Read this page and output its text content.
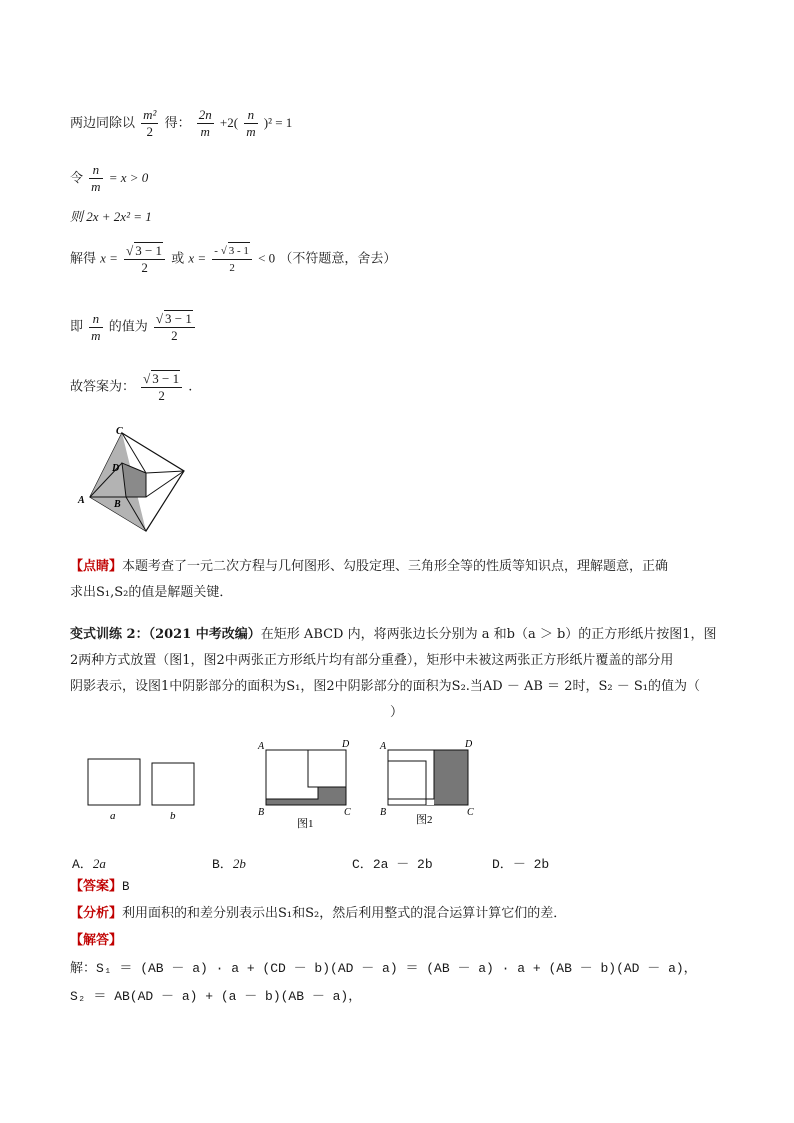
两边同除以 $\frac{\text{m²}}{2}$ 得： $\frac{2n}{m} +2( \frac{n}{m} )^2 = 1$
令 $\frac{n}{m} = x > 0$
则 2x + 2x² = 1
解得 $x = \frac{√ 3 - 1}{2}$ 或 $x = \frac{- √ 3 - 1}{2} < 0$ （不符题意，舍去）
即 $\frac{n}{m}$ 的值为 $\frac{√ 3 - 1}{2}$
故答案为： $\frac{√ 3 - 1}{2}$ .
C
D
A	B
【点睛】本题考查了一元二次方程与几何图形、勾股定理、三角形全等的性质等知识点，理解题意，正确
求出S₁,S₂的值是解题关键．
变式训练 2：（2021 中考改编）在矩形 ABCD 内，将两张边长分别为 a 和b（a ＞ b）的正方形纸片按图1，图
2两种方式放置（图1，图2中两张正方形纸片均有部分重叠），矩形中未被这两张正方形纸片覆盖的部分用
阴影表示，设图1中阴影部分的面积为S₁，图2中阴影部分的面积为S₂.当AD － AB ＝ 2时，S₂ － S₁的值为（
）
a	b
A	D
B	C
图1
A	D
B	C
图2
A．2a	B．2b	C．2a － 2b	D．－ 2b
【答案】B
【分析】利用面积的和差分别表示出S₁和S₂，然后利用整式的混合运算计算它们的差．
【解答】
解：S₁ ＝ (AB － a) · a + (CD － b)(AD － a) ＝ (AB － a) · a + (AB － b)(AD － a)，
S₂ ＝ AB(AD － a) + (a － b)(AB － a)，
